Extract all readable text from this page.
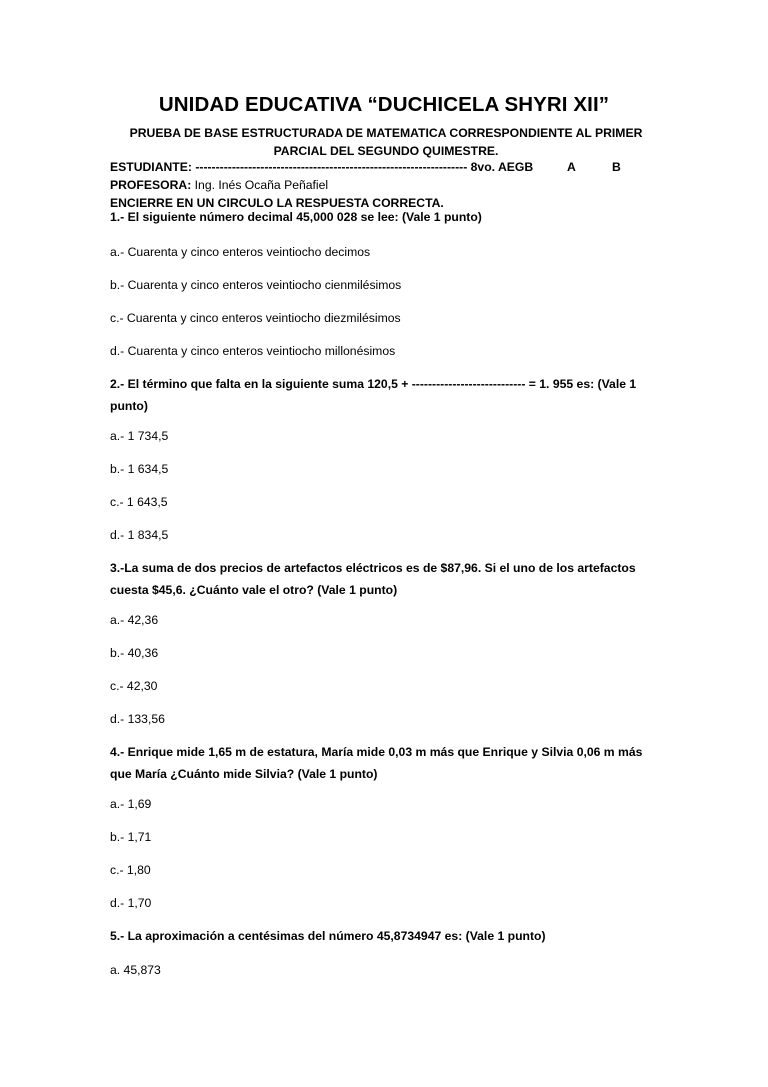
UNIDAD EDUCATIVA “DUCHICELA SHYRI XII”
PRUEBA DE BASE ESTRUCTURADA DE MATEMATICA CORRESPONDIENTE AL PRIMER PARCIAL DEL SEGUNDO QUIMESTRE.
ESTUDIANTE: ------------------------------------------------------------------- 8vo. AEGB	A	B
PROFESORA: Ing. Inés Ocaña Peñafiel
ENCIERRE EN UN CIRCULO LA RESPUESTA CORRECTA.
1.- El siguiente número decimal 45,000 028 se lee: (Vale 1 punto)
a.- Cuarenta y cinco enteros veintiocho decimos
b.- Cuarenta y cinco enteros veintiocho cienmilésimos
c.- Cuarenta y cinco enteros veintiocho diezmilésimos
d.- Cuarenta y cinco enteros veintiocho millonésimos
2.- El término que falta en la siguiente suma 120,5 + ---------------------------- = 1. 955 es: (Vale 1 punto)
a.- 1 734,5
b.- 1 634,5
c.- 1 643,5
d.- 1 834,5
3.-La suma de dos precios de artefactos eléctricos es de $87,96. Si el uno de los artefactos cuesta $45,6. ¿Cuánto vale el otro? (Vale 1 punto)
a.- 42,36
b.- 40,36
c.- 42,30
d.- 133,56
4.- Enrique mide 1,65 m de estatura, María mide 0,03 m más que Enrique y Silvia 0,06 m más que María ¿Cuánto mide Silvia? (Vale 1 punto)
a.- 1,69
b.- 1,71
c.- 1,80
d.- 1,70
5.- La aproximación a centésimas del número 45,8734947 es: (Vale 1 punto)
a. 45,873
